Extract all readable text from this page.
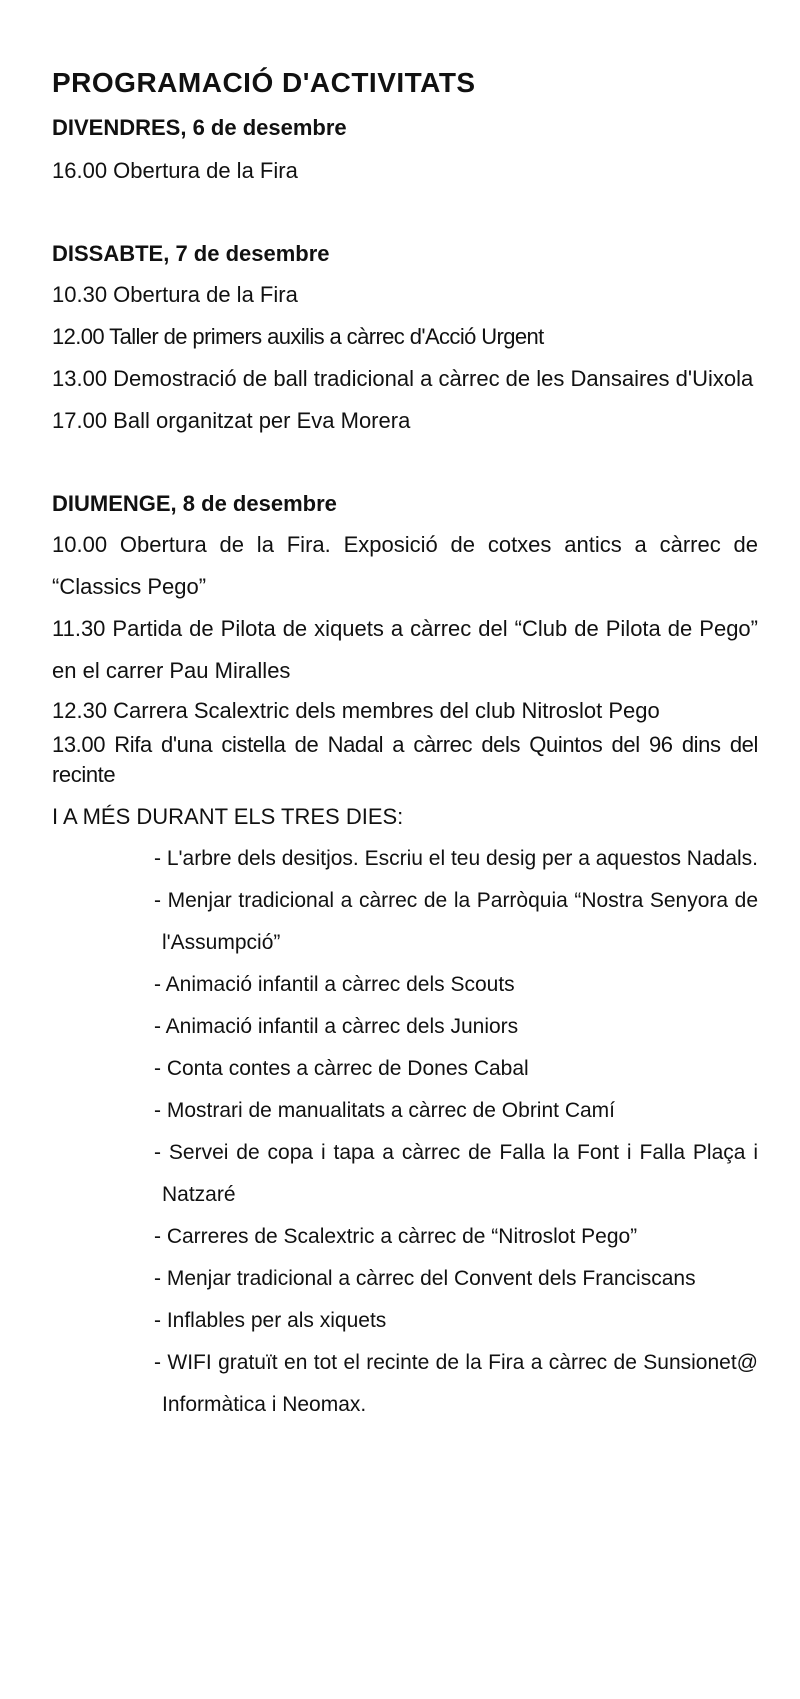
PROGRAMACIÓ D'ACTIVITATS

DIVENDRES, 6 de desembre

16.00 Obertura de la Fira

DISSABTE, 7 de desembre

10.30 Obertura de la Fira

12.00 Taller de primers auxilis a càrrec d'Acció Urgent

13.00 Demostració de ball tradicional a càrrec de les Dansaires d'Uixola

17.00 Ball organitzat per Eva Morera

DIUMENGE, 8 de desembre

10.00 Obertura de la Fira. Exposició de cotxes antics a càrrec de “Classics Pego”

11.30 Partida de Pilota de xiquets a càrrec del “Club de Pilota de Pego” en el carrer Pau Miralles

12.30 Carrera Scalextric dels membres del club Nitroslot Pego

13.00 Rifa d'una cistella de Nadal a càrrec dels Quintos del 96 dins del recinte

I A MÉS DURANT ELS TRES DIES:

- L'arbre dels desitjos. Escriu el teu desig per a aquestos Nadals.
- Menjar tradicional a càrrec de la Parròquia “Nostra Senyora de l'Assumpció”
- Animació infantil a càrrec dels Scouts
- Animació infantil a càrrec dels Juniors
- Conta contes a càrrec de Dones Cabal
- Mostrari de manualitats a càrrec de Obrint Camí
- Servei de copa i tapa a càrrec de Falla la Font i Falla Plaça i Natzaré
- Carreres de Scalextric a càrrec de “Nitroslot Pego”
- Menjar tradicional a càrrec del Convent dels Franciscans
- Inflables per als xiquets
- WIFI gratuït en tot el recinte de la Fira a càrrec de Sunsionet@ Informàtica i Neomax.
